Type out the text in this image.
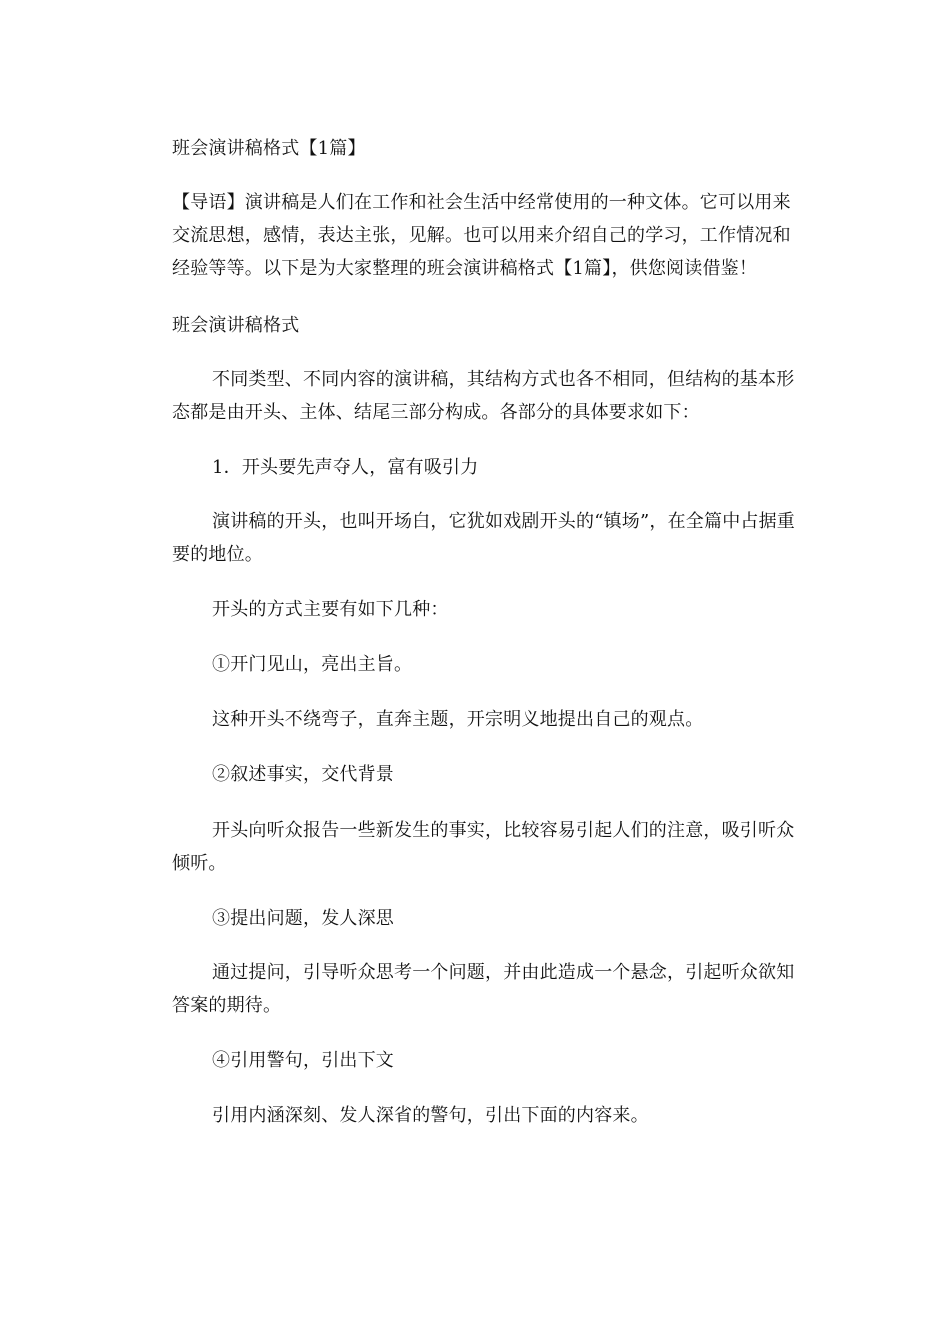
班会演讲稿格式【1篇】

【导语】演讲稿是人们在工作和社会生活中经常使用的一种文体。它可以用来交流思想，感情，表达主张，见解。也可以用来介绍自己的学习，工作情况和经验等等。以下是为大家整理的班会演讲稿格式【1篇】，供您阅读借鉴！

班会演讲稿格式

不同类型、不同内容的演讲稿，其结构方式也各不相同，但结构的基本形态都是由开头、主体、结尾三部分构成。各部分的具体要求如下：

1．开头要先声夺人，富有吸引力

演讲稿的开头，也叫开场白，它犹如戏剧开头的“镇场”，在全篇中占据重要的地位。

开头的方式主要有如下几种：

①开门见山，亮出主旨。

这种开头不绕弯子，直奔主题，开宗明义地提出自己的观点。

②叙述事实，交代背景

开头向听众报告一些新发生的事实，比较容易引起人们的注意，吸引听众倾听。

③提出问题，发人深思

通过提问，引导听众思考一个问题，并由此造成一个悬念，引起听众欲知答案的期待。

④引用警句，引出下文

引用内涵深刻、发人深省的警句，引出下面的内容来。
